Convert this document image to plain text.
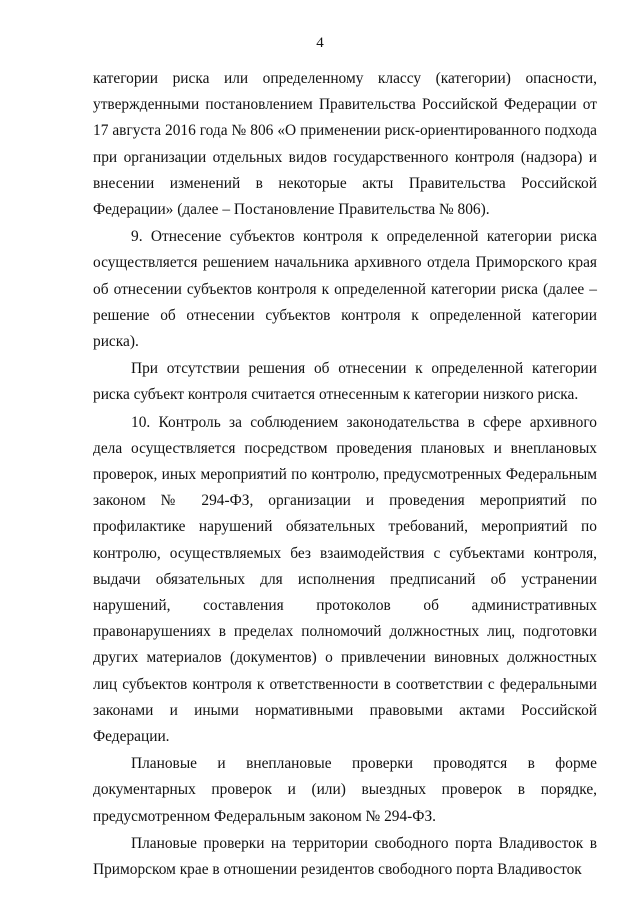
4

категории риска или определенному классу (категории) опасности, утвержденными постановлением Правительства Российской Федерации от 17 августа 2016 года № 806 «О применении риск-ориентированного подхода при организации отдельных видов государственного контроля (надзора) и внесении изменений в некоторые акты Правительства Российской Федерации» (далее – Постановление Правительства № 806).

9. Отнесение субъектов контроля к определенной категории риска осуществляется решением начальника архивного отдела Приморского края об отнесении субъектов контроля к определенной категории риска (далее – решение об отнесении субъектов контроля к определенной категории риска).

При отсутствии решения об отнесении к определенной категории риска субъект контроля считается отнесенным к категории низкого риска.

10. Контроль за соблюдением законодательства в сфере архивного дела осуществляется посредством проведения плановых и внеплановых проверок, иных мероприятий по контролю, предусмотренных Федеральным законом № 294-ФЗ, организации и проведения мероприятий по профилактике нарушений обязательных требований, мероприятий по контролю, осуществляемых без взаимодействия с субъектами контроля, выдачи обязательных для исполнения предписаний об устранении нарушений, составления протоколов об административных правонарушениях в пределах полномочий должностных лиц, подготовки других материалов (документов) о привлечении виновных должностных лиц субъектов контроля к ответственности в соответствии с федеральными законами и иными нормативными правовыми актами Российской Федерации.

Плановые и внеплановые проверки проводятся в форме документарных проверок и (или) выездных проверок в порядке, предусмотренном Федеральным законом № 294-ФЗ.

Плановые проверки на территории свободного порта Владивосток в Приморском крае в отношении резидентов свободного порта Владивосток
